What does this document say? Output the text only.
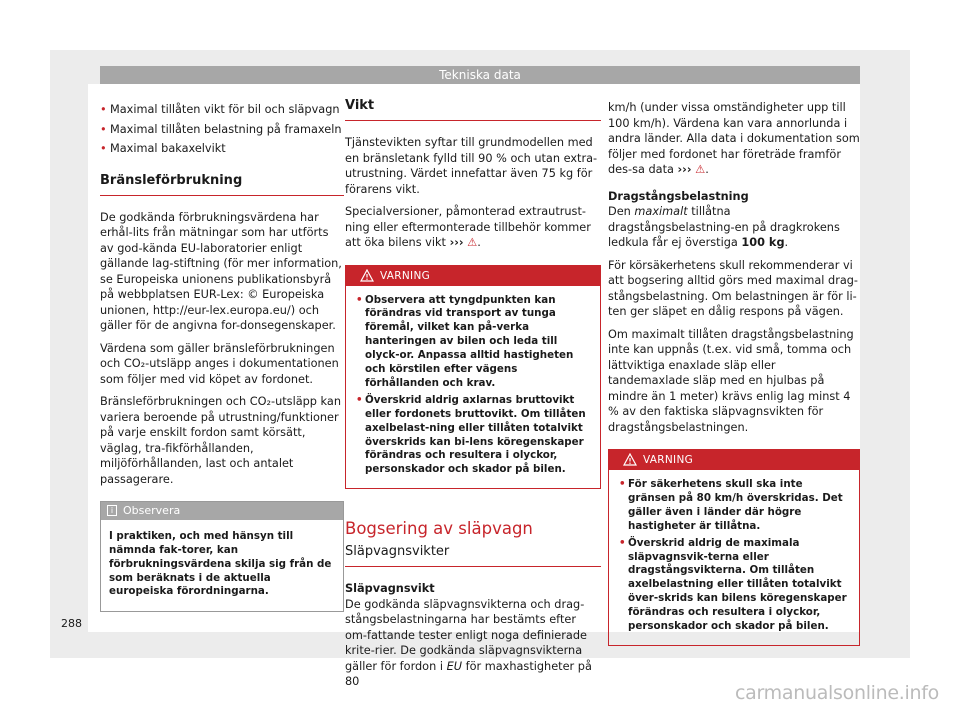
Tekniska data
• Maximal tillåten vikt för bil och släpvagn
• Maximal tillåten belastning på framaxeln
• Maximal bakaxelvikt
Bränsleförbrukning

De godkända förbrukningsvärdena har erhål-lits från mätningar som har utförts av god-kända EU-laboratorier enligt gällande lag-stiftning (för mer information, se Europeiska unionens publikationsbyrå på webbplatsen EUR-Lex: © Europeiska unionen, http://eur-lex.europa.eu/) och gäller för de angivna for-donsegenskaper.

Värdena som gäller bränsleförbrukningen och CO₂-utsläpp anges i dokumentationen som följer med vid köpet av fordonet.

Bränsleförbrukningen och CO₂-utsläpp kan variera beroende på utrustning/funktioner på varje enskilt fordon samt körsätt, väglag, tra-fikförhållanden, miljöförhållanden, last och antalet passagerare.

i Observera
I praktiken, och med hänsyn till nämnda fak-torer, kan förbrukningsvärdena skilja sig från de som beräknats i de aktuella europeiska förordningarna.
Vikt

Tjänstevikten syftar till grundmodellen med en bränsletank fylld till 90 % och utan extra-utrustning. Värdet innefattar även 75 kg för förarens vikt.

Specialversioner, påmonterad extrautrust-ning eller eftermonterade tillbehör kommer att öka bilens vikt ››› ⚠.

VARNING
• Observera att tyngdpunkten kan förändras vid transport av tunga föremål, vilket kan på-verka hanteringen av bilen och leda till olyck-or. Anpassa alltid hastigheten och körstilen efter vägens förhållanden och krav.
• Överskrid aldrig axlarnas bruttovikt eller fordonets bruttovikt. Om tillåten axelbelast-ning eller tillåten totalvikt överskrids kan bi-lens köregenskaper förändras och resultera i olyckor, personskador och skador på bilen.
Bogsering av släpvagn
Släpvagnsvikter

Släpvagnsvikt

De godkända släpvagnsvikterna och drag-stångsbelastningarna har bestämts efter om-fattande tester enligt noga definierade krite-rier. De godkända släpvagnsvikterna gäller för fordon i EU för maxhastigheter på 80

km/h (under vissa omständigheter upp till 100 km/h). Värdena kan vara annorlunda i andra länder. Alla data i dokumentation som följer med fordonet har företräde framför des-sa data ››› ⚠.

Dragstångsbelastning

Den maximalt tillåtna dragstångsbelastning-en på dragkrokens ledkula får ej överstiga 100 kg.

För körsäkerhetens skull rekommenderar vi att bogsering alltid görs med maximal drag-stångsbelastning. Om belastningen är för li-ten ger släpet en dålig respons på vägen.

Om maximalt tillåten dragstångsbelastning inte kan uppnås (t.ex. vid små, tomma och lättviktiga enaxlade släp eller tandemaxlade släp med en hjulbas på mindre än 1 meter) krävs enlig lag minst 4 % av den faktiska släpvagnsvikten för dragstångsbelastningen.

VARNING
• För säkerhetens skull ska inte gränsen på 80 km/h överskridas. Det gäller även i länder där högre hastigheter är tillåtna.
• Överskrid aldrig de maximala släpvagnsvik-terna eller dragstångsvikterna. Om tillåten axelbelastning eller tillåten totalvikt över-skrids kan bilens köregenskaper förändras och resultera i olyckor, personskador och skador på bilen.
288
carmanualsonline.info
